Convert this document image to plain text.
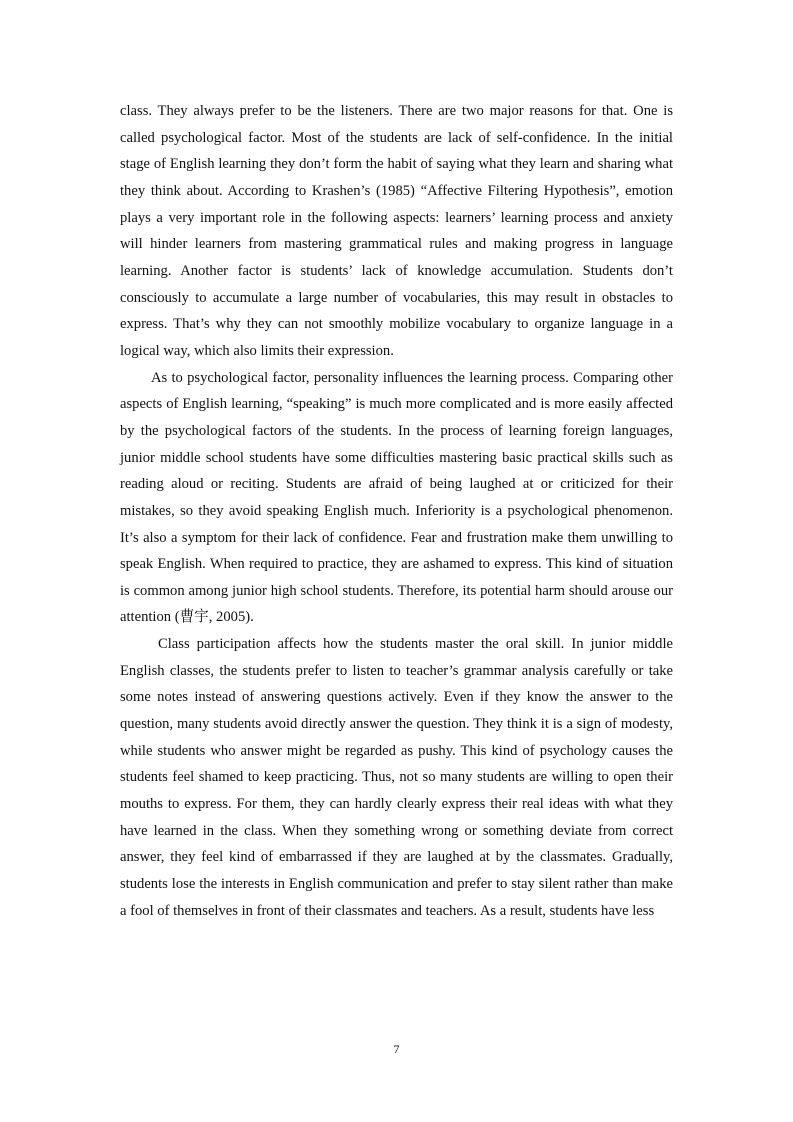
class. They always prefer to be the listeners. There are two major reasons for that. One is called psychological factor. Most of the students are lack of self-confidence. In the initial stage of English learning they don’t form the habit of saying what they learn and sharing what they think about. According to Krashen’s (1985) “Affective Filtering Hypothesis”, emotion plays a very important role in the following aspects: learners’ learning process and anxiety will hinder learners from mastering grammatical rules and making progress in language learning. Another factor is students’ lack of knowledge accumulation. Students don’t consciously to accumulate a large number of vocabularies, this may result in obstacles to express. That’s why they can not smoothly mobilize vocabulary to organize language in a logical way, which also limits their expression.

As to psychological factor, personality influences the learning process. Comparing other aspects of English learning, “speaking” is much more complicated and is more easily affected by the psychological factors of the students. In the process of learning foreign languages, junior middle school students have some difficulties mastering basic practical skills such as reading aloud or reciting. Students are afraid of being laughed at or criticized for their mistakes, so they avoid speaking English much. Inferiority is a psychological phenomenon. It’s also a symptom for their lack of confidence. Fear and frustration make them unwilling to speak English. When required to practice, they are ashamed to express. This kind of situation is common among junior high school students. Therefore, its potential harm should arouse our attention (曹宇, 2005).

Class participation affects how the students master the oral skill. In junior middle English classes, the students prefer to listen to teacher’s grammar analysis carefully or take some notes instead of answering questions actively. Even if they know the answer to the question, many students avoid directly answer the question. They think it is a sign of modesty, while students who answer might be regarded as pushy. This kind of psychology causes the students feel shamed to keep practicing. Thus, not so many students are willing to open their mouths to express. For them, they can hardly clearly express their real ideas with what they have learned in the class. When they something wrong or something deviate from correct answer, they feel kind of embarrassed if they are laughed at by the classmates. Gradually, students lose the interests in English communication and prefer to stay silent rather than make a fool of themselves in front of their classmates and teachers. As a result, students have less

7
